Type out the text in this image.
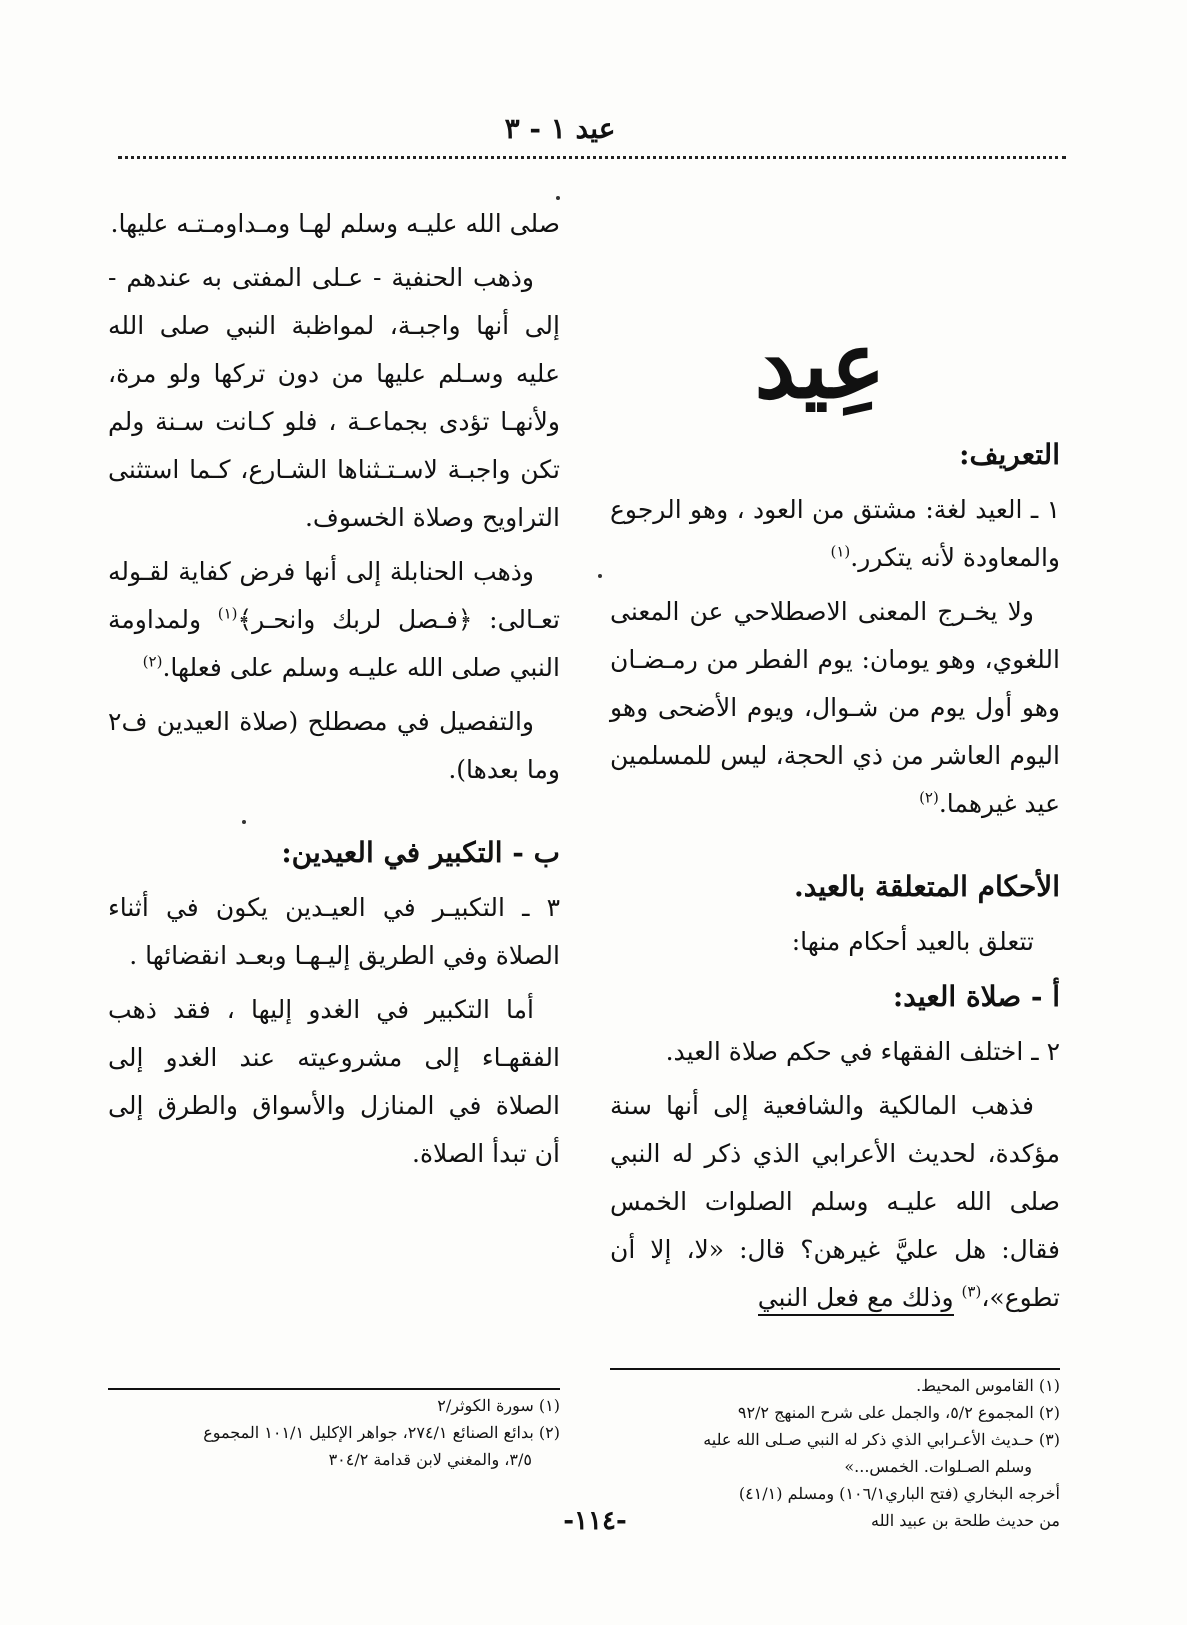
عيد ١ - ٣
عِيد

التعريف:

١ ـ العيد لغة: مشتق من العود ، وهو الرجوع والمعاودة لأنه يتكرر.$^{(١)}$

ولا يخـرج المعنى الاصطلاحي عن المعنى اللغوي، وهو يومان: يوم الفطر من رمـضـان وهو أول يوم من شـوال، ويوم الأضحى وهو اليوم العاشر من ذي الحجة، ليس للمسلمين عيد غيرهما.$^{(٢)}$

الأحكام المتعلقة بالعيد.

تتعلق بالعيد أحكام منها:

أ - صلاة العيد:

٢ ـ اختلف الفقهاء في حكم صلاة العيد.

فذهب المالكية والشافعية إلى أنها سنة مؤكدة، لحديث الأعرابي الذي ذكر له النبي صلى الله عليـه وسلم الصلوات الخمس فقال: هل عليَّ غيرهن؟ قال: «لا، إلا أن تطوع»،$^{(٣)}$ وذلك مع فعل النبي

صلى الله عليـه وسلم لهـا ومـداومـتـه عليها.

وذهب الحنفية - عـلى المفتى به عندهم - إلى أنها واجبـة، لمواظبة النبي صلى الله عليه وسـلم عليها من دون تركها ولو مرة، ولأنهـا تؤدى بجماعـة ، فلو كـانت سـنة ولم تكن واجبـة لاسـتـثناها الشـارع، كـما استثنى التراويح وصلاة الخسوف.

وذهب الحنابلة إلى أنها فرض كفاية لقـوله تعـالى: ﴿فـصل لربك وانحـر﴾$^{(١)}$ ولمداومة النبي صلى الله عليـه وسلم على فعلها.$^{(٢)}$

والتفصيل في مصطلح (صلاة العيدين ف٢ وما بعدها).

ب - التكبير في العيدين:

٣ ـ التكبيـر في العيـدين يكون في أثناء الصلاة وفي الطريق إليـهـا وبعـد انقضائها .

أما التكبير في الغدو إليها ، فقد ذهب الفقهـاء إلى مشروعيته عند الغدو إلى الصلاة في المنازل والأسواق والطرق إلى أن تبدأ الصلاة.

(١) القاموس المحيط.
(٢) المجموع ٥/٢، والجمل على شرح المنهج ٩٢/٢
(٣) حـديث الأعـرابي الذي ذكر له النبي صـلى الله عليه
وسلم الصـلوات. الخمس...»
أخرجه البخاري (فتح الباري١٠٦/١) ومسلم (٤١/١)
من حديث طلحة بن عبيد الله
(١) سورة الكوثر/٢
(٢) بدائع الصنائع ٢٧٤/١، جواهر الإكليل ١٠١/١ المجموع
٣/٥، والمغني لابن قدامة ٣٠٤/٢
-١١٤-
